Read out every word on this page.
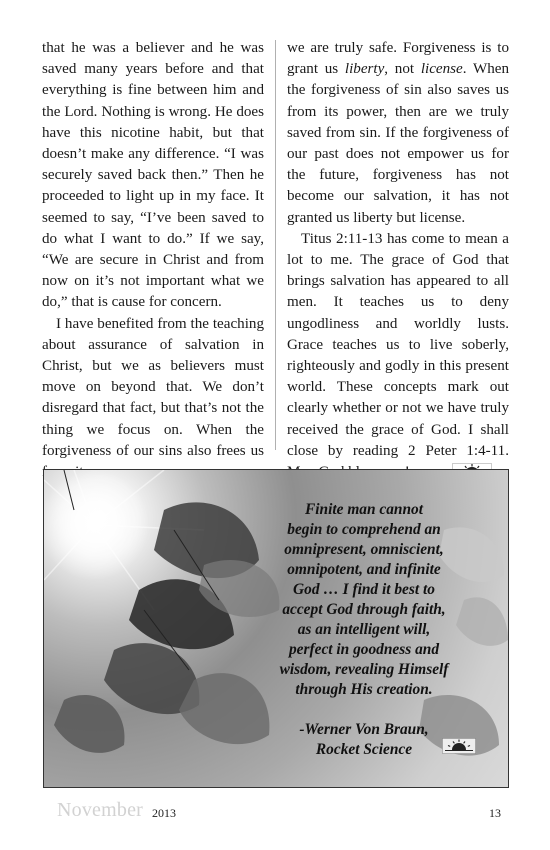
that he was a believer and he was saved many years before and that everything is fine between him and the Lord. Nothing is wrong. He does have this nicotine habit, but that doesn’t make any difference. “I was securely saved back then.” Then he proceeded to light up in my face. It seemed to say, “I’ve been saved to do what I want to do.” If we say, “We are secure in Christ and from now on it’s not important what we do,” that is cause for concern.

I have benefited from the teaching about assurance of salvation in Christ, but we as believers must move on beyond that. We don’t disregard that fact, but that’s not the thing we focus on. When the forgiveness of our sins also frees us

we are truly safe. Forgiveness is to grant us liberty, not license. When the forgiveness of sin also saves us from its power, then are we truly saved from sin. If the forgiveness of our past does not empower us for the future, forgiveness has not become our salvation, it has not granted us liberty but license.

Titus 2:11-13 has come to mean a lot to me. The grace of God that brings salvation has appeared to all men. It teaches us to deny ungodliness and worldly lusts. Grace teaches us to live soberly, righteously and godly in this present world. These concepts mark out clearly whether or not we have truly received the grace of God. I shall close by reading 2 Peter 1:4-11.

Finite man cannot
begin to comprehend an
omnipresent, omniscient,
omnipotent, and infinite
God … I find it best to
accept God through faith,
as an intelligent will,
perfect in goodness and
wisdom, revealing Himself
through His creation.
-Werner Von Braun,
Rocket Science
November 2013	13
